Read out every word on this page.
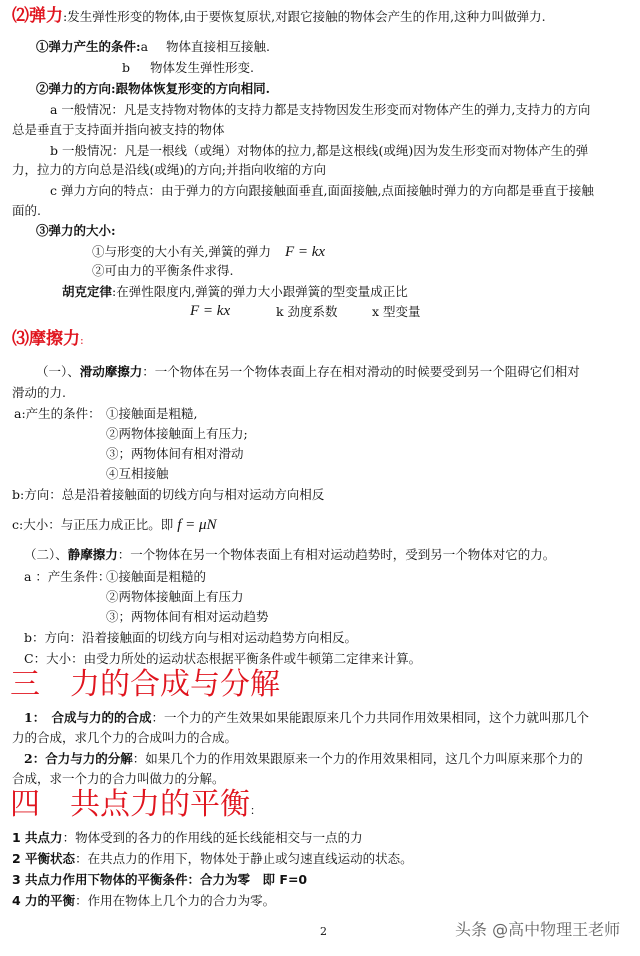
⑵弹力:发生弹性形变的物体,由于要恢复原状,对跟它接触的物体会产生的作用,这种力叫做弹力.
①弹力产生的条件:a 物体直接相互接触.
b 物体发生弹性形变.
②弹力的方向:跟物体恢复形变的方向相同.
a 一般情况：凡是支持物对物体的支持力都是支持物因发生形变而对物体产生的弹力,支持力的方向
总是垂直于支持面并指向被支持的物体
b 一般情况：凡是一根线（或绳）对物体的拉力,都是这根线(或绳)因为发生形变而对物体产生的弹
力，拉力的方向总是沿线(或绳)的方向;并指向收缩的方向
c 弹力方向的特点：由于弹力的方向跟接触面垂直,面面接触,点面接触时弹力的方向都是垂直于接触
面的.
③弹力的大小:
①与形变的大小有关,弹簧的弹力 F = kx
②可由力的平衡条件求得.
胡克定律:在弹性限度内,弹簧的弹力大小跟弹簧的型变量成正比
F = kx	k 劲度系数	x 型变量
⑶摩擦力:
（一）、滑动摩擦力：一个物体在另一个物体表面上存在相对滑动的时候要受到另一个阻碍它们相对
滑动的力.
a:产生的条件： ①接触面是粗糙,
②两物体接触面上有压力;
③；两物体间有相对滑动
④互相接触
b:方向：总是沿着接触面的切线方向与相对运动方向相反
c:大小：与正压力成正比。即 f = μN
（二）、静摩擦力：一个物体在另一个物体表面上有相对运动趋势时，受到另一个物体对它的力。
a ：产生条件：
①接触面是粗糙的
②两物体接触面上有压力
③；两物体间有相对运动趋势
b：方向：沿着接触面的切线方向与相对运动趋势方向相反。
C：大小：由受力所处的运动状态根据平衡条件或牛顿第二定律来计算。
三　力的合成与分解
1：　合成与力的的合成：一个力的产生效果如果能跟原来几个力共同作用效果相同，这个力就叫那几个
力的合成，求几个力的合成叫力的合成。
2：合力与力的分解：如果几个力的作用效果跟原来一个力的作用效果相同，这几个力叫原来那个力的
合成，求一个力的合力叫做力的分解。
四　共点力的平衡：
1 共点力：物体受到的各力的作用线的延长线能相交与一点的力
2 平衡状态：在共点力的作用下，物体处于静止或匀速直线运动的状态。
3 共点力作用下物体的平衡条件：合力为零　即 F=0
4 力的平衡：作用在物体上几个力的合力为零。
2	头条 @高中物理王老师
